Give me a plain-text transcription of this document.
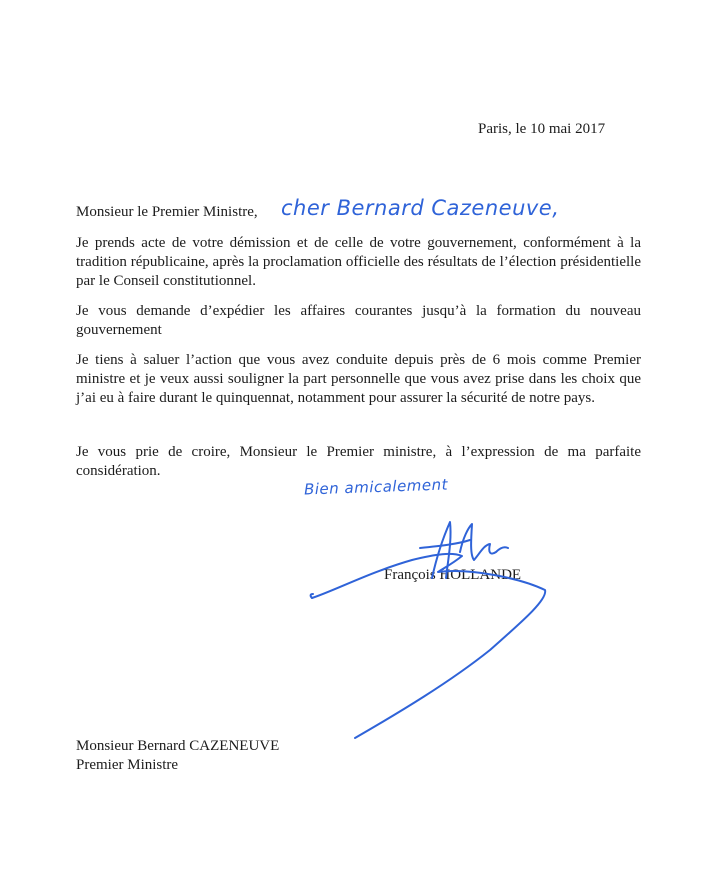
Paris, le 10 mai 2017
Monsieur le Premier Ministre, cher Bernard Cazeneuve,
Je prends acte de votre démission et de celle de votre gouvernement, conformément à la tradition républicaine, après la proclamation officielle des résultats de l’élection présidentielle par le Conseil constitutionnel.
Je vous demande d’expédier les affaires courantes jusqu’à la formation du nouveau gouvernement
Je tiens à saluer l’action que vous avez conduite depuis près de 6 mois comme Premier ministre et je veux aussi souligner la part personnelle que vous avez prise dans les choix que j’ai eu à faire durant le quinquennat, notamment pour assurer la sécurité de notre pays.
Je vous prie de croire, Monsieur le Premier ministre, à l’expression de ma parfaite considération.
Bien amicalement
François HOLLANDE
Monsieur Bernard CAZENEUVE
Premier Ministre
